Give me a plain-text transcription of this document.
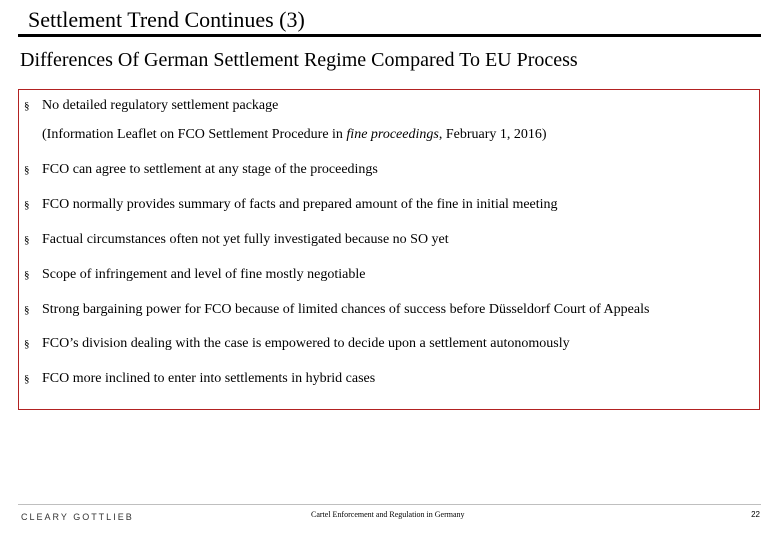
Settlement Trend Continues (3)
Differences Of German Settlement Regime Compared To EU Process
§ No detailed regulatory settlement package
(Information Leaflet on FCO Settlement Procedure in fine proceedings, February 1, 2016)
§ FCO can agree to settlement at any stage of the proceedings
§ FCO normally provides summary of facts and prepared amount of the fine in initial meeting
§ Factual circumstances often not yet fully investigated because no SO yet
§ Scope of infringement and level of fine mostly negotiable
§ Strong bargaining power for FCO because of limited chances of success before Düsseldorf Court of Appeals
§ FCO’s division dealing with the case is empowered to decide upon a settlement autonomously
§ FCO more inclined to enter into settlements in hybrid cases
CLEARY GOTTLIEB	Cartel Enforcement and Regulation in Germany	22
